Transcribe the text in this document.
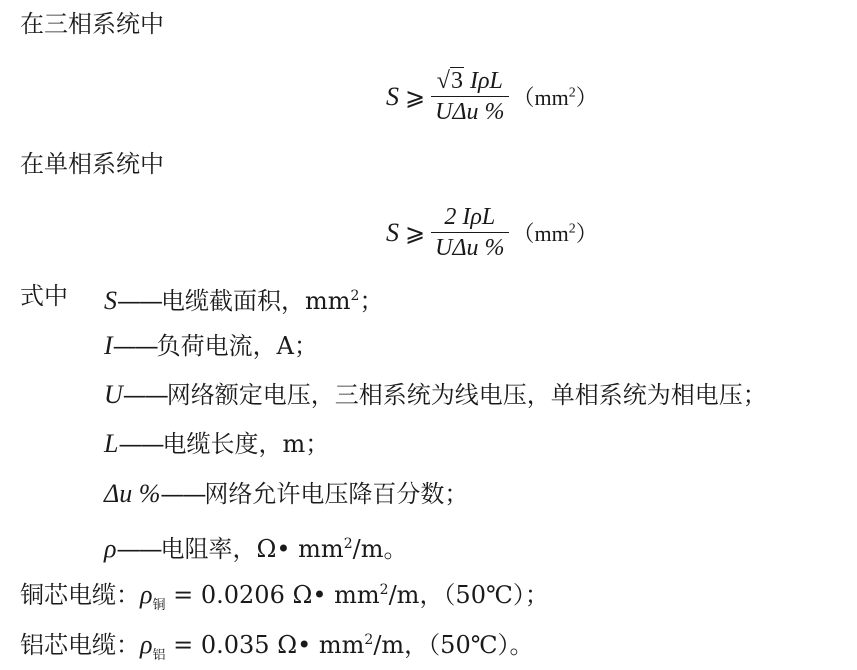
在三相系统中
S ⩾ $\frac{\text{√3 IρL}}{\text{UΔu \%}} (mm^2)$
在单相系统中
S ⩾ $\frac{\text{2 IρL}}{\text{UΔu \%}} (mm^2)$
式中 S——电缆截面积，$mm^2$；
I——负荷电流，A；
U——网络额定电压，三相系统为线电压，单相系统为相电压；
L——电缆长度，m；
Δu %——网络允许电压降百分数；
ρ——电阻率，Ω• $mm^2/m$。
铜芯电缆：$\rho_铜 = 0.0206$ Ω• $mm^2/m$，（50℃）；
铝芯电缆：$\rho_铝 = 0.035$ Ω• $mm^2/m$，（50℃）。
